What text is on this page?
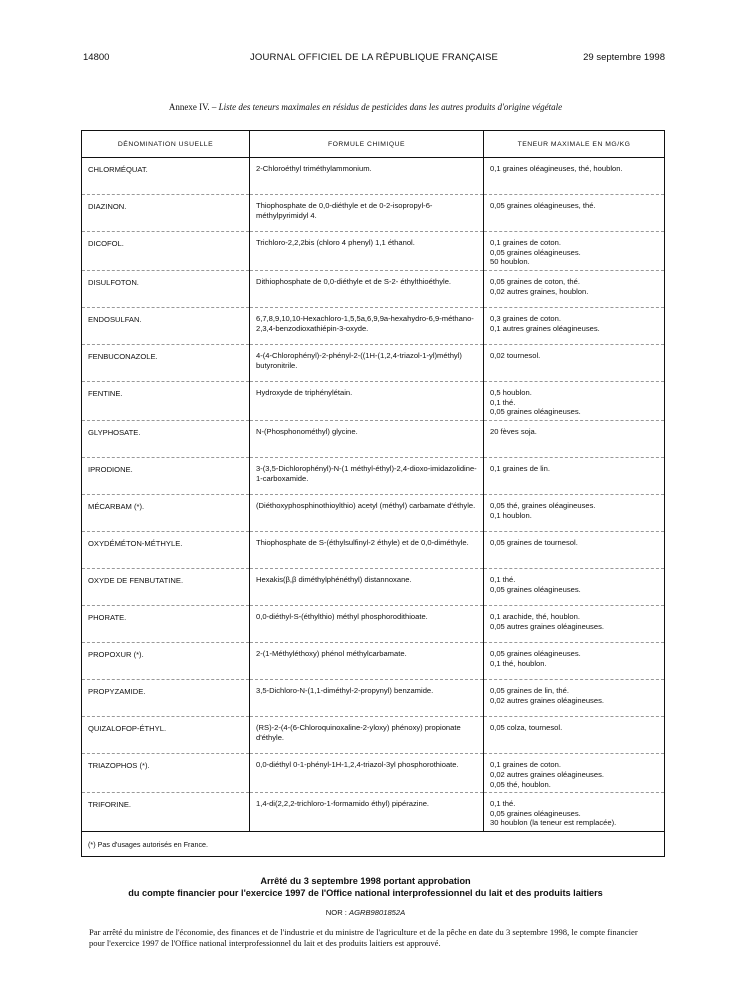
14800	JOURNAL OFFICIEL DE LA RÉPUBLIQUE FRANÇAISE	29 septembre 1998
Annexe IV. – Liste des teneurs maximales en résidus de pesticides dans les autres produits d'origine végétale
DÉNOMINATION USUELLE	FORMULE CHIMIQUE	TENEUR MAXIMALE EN MG/KG
CHLORMÉQUAT.	2-Chloroéthyl triméthylammonium.	0,1 graines oléagineuses, thé, houblon.

DIAZINON.	Thiophosphate de 0,0-diéthyle et de 0-2-isopropyl-6-méthylpyrimidyl 4.	0,05 graines oléagineuses, thé.

DICOFOL.	Trichloro-2,2,2bis (chloro 4 phenyl) 1,1 éthanol.	0,1 graines de coton.
0,05 graines oléagineuses.
50 houblon.

DISULFOTON.	Dithiophosphate de 0,0-diéthyle et de S-2- éthylthioéthyle.	0,05 graines de coton, thé.
0,02 autres graines, houblon.

ENDOSULFAN.	6,7,8,9,10,10-Hexachloro-1,5,5a,6,9,9a-hexahydro-6,9-méthano-2,3,4-benzodioxathiépin-3-oxyde.	0,3 graines de coton.
0,1 autres graines oléagineuses.

FENBUCONAZOLE.	4-(4-Chlorophényl)-2-phényl-2-((1H-(1,2,4-triazol-1-yl)méthyl) butyronitrile.	0,02 tournesol.

FENTINE.	Hydroxyde de triphénylétain.	0,5 houblon.
0,1 thé.
0,05 graines oléagineuses.

GLYPHOSATE.	N-(Phosphonométhyl) glycine.	20 fèves soja.

IPRODIONE.	3-(3,5-Dichlorophényl)-N-(1 méthyl-éthyl)-2,4-dioxo-imidazolidine-1-carboxamide.	0,1 graines de lin.

MÉCARBAM (*).	(Diéthoxyphosphinothioylthio) acetyl (méthyl) carbamate d'éthyle.	0,05 thé, graines oléagineuses.
0,1 houblon.

OXYDÉMÉTON-MÉTHYLE.	Thiophosphate de S-(éthylsulfinyl-2 éthyle) et de 0,0-diméthyle.	0,05 graines de tournesol.

OXYDE DE FENBUTATINE.	Hexakis(β,β diméthylphénéthyl) distannoxane.	0,1 thé.
0,05 graines oléagineuses.

PHORATE.	0,0-diéthyl-S-(éthylthio) méthyl phosphorodithioate.	0,1 arachide, thé, houblon.
0,05 autres graines oléagineuses.

PROPOXUR (*).	2-(1-Méthyléthoxy) phénol méthylcarbamate.	0,05 graines oléagineuses.
0,1 thé, houblon.

PROPYZAMIDE.	3,5-Dichloro-N-(1,1-diméthyl-2-propynyl) benzamide.	0,05 graines de lin, thé.
0,02 autres graines oléagineuses.

QUIZALOFOP-ÉTHYL.	(RS)-2-(4-(6-Chloroquinoxaline-2-yloxy) phénoxy) propionate d'éthyle.	0,05 colza, tournesol.

TRIAZOPHOS (*).	0,0-diéthyl 0-1-phényl-1H-1,2,4-triazol-3yl phosphorothioate.	0,1 graines de coton.
0,02 autres graines oléagineuses.
0,05 thé, houblon.

TRIFORINE.	1,4-di(2,2,2-trichloro-1-formamido éthyl) pipérazine.	0,1 thé.
0,05 graines oléagineuses.
30 houblon (la teneur est remplacée).

(*) Pas d'usages autorisés en France.		
Arrêté du 3 septembre 1998 portant approbation
du compte financier pour l'exercice 1997 de l'Office national interprofessionnel du lait et des produits laitiers
NOR : AGRB9801852A
Par arrêté du ministre de l'économie, des finances et de l'industrie et du ministre de l'agriculture et de la pêche en date du 3 septembre 1998, le compte financier pour l'exercice 1997 de l'Office national interprofessionnel du lait et des produits laitiers est approuvé.
